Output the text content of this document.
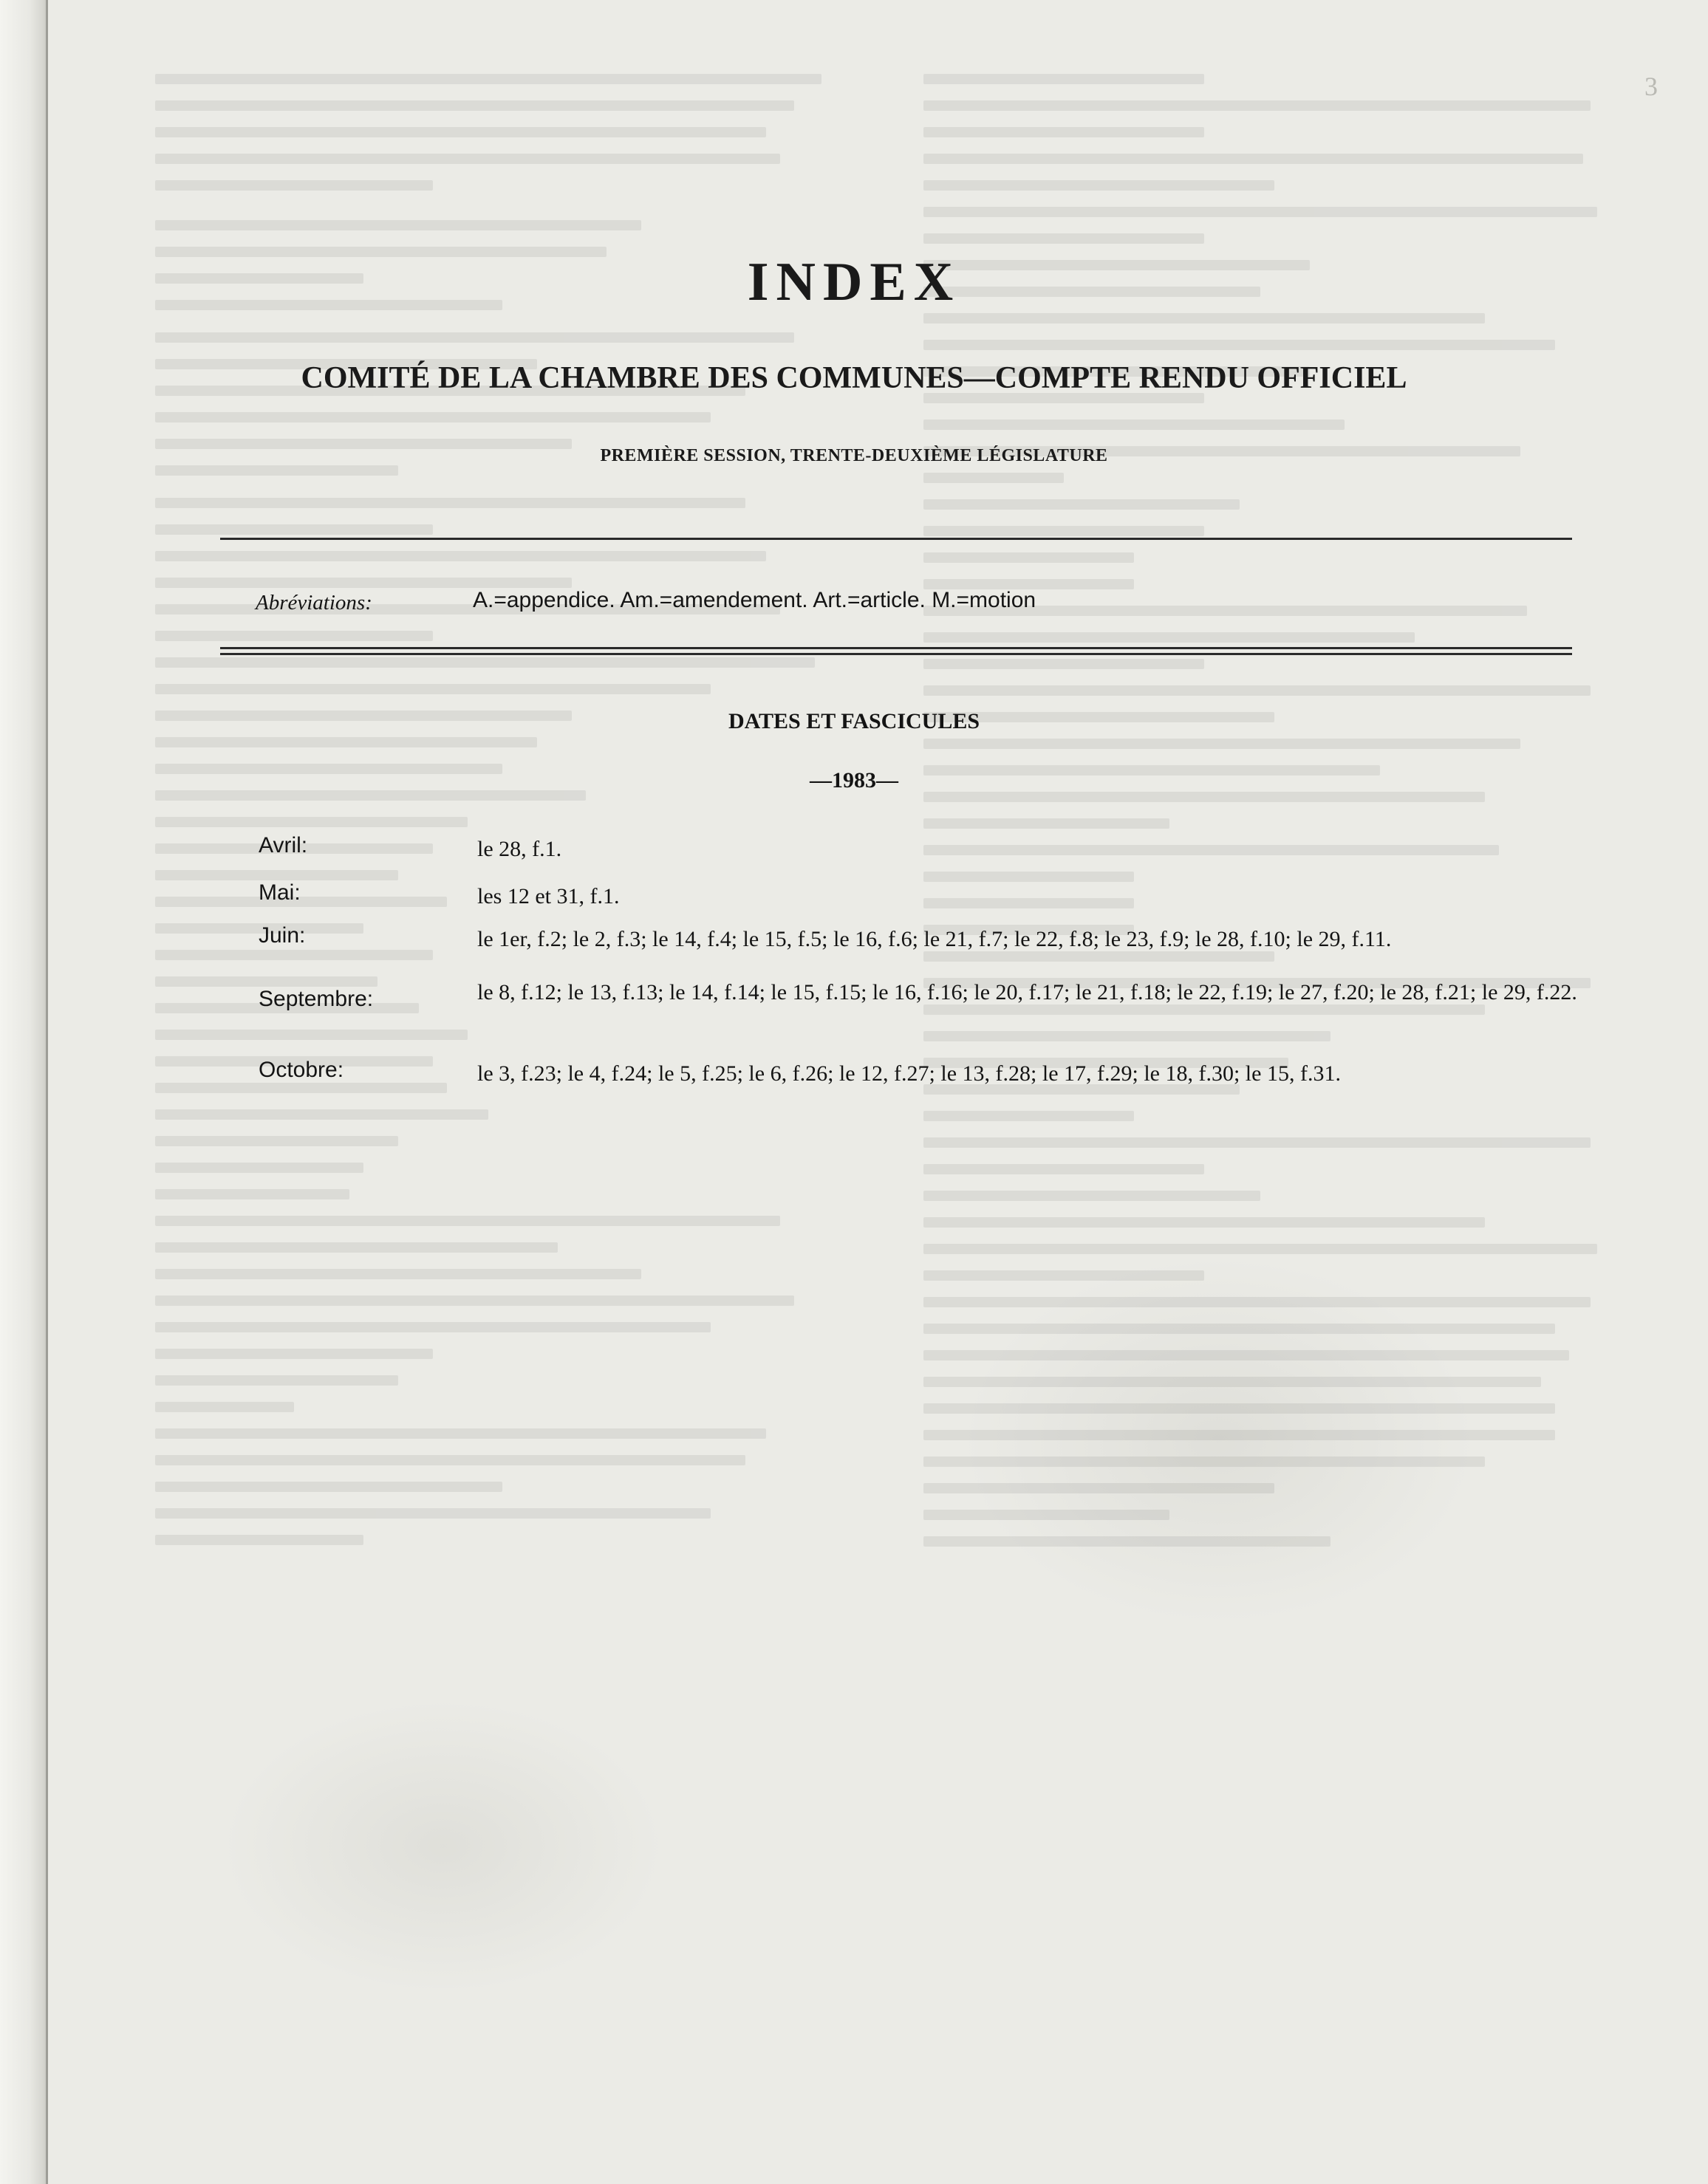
3
INDEX
COMITÉ DE LA CHAMBRE DES COMMUNES—COMPTE RENDU OFFICIEL
PREMIÈRE SESSION, TRENTE-DEUXIÈME LÉGISLATURE
Abréviations:	A.=appendice. Am.=amendement. Art.=article. M.=motion
DATES ET FASCICULES
—1983—
Avril:	le 28, f.1.
Mai:	les 12 et 31, f.1.
Juin:	le 1er, f.2; le 2, f.3; le 14, f.4; le 15, f.5; le 16, f.6; le 21, f.7; le 22, f.8; le 23, f.9; le 28, f.10; le 29, f.11.
Septembre:	le 8, f.12; le 13, f.13; le 14, f.14; le 15, f.15; le 16, f.16; le 20, f.17; le 21, f.18; le 22, f.19; le 27, f.20; le 28, f.21; le 29, f.22.
Octobre:	le 3, f.23; le 4, f.24; le 5, f.25; le 6, f.26; le 12, f.27; le 13, f.28; le 17, f.29; le 18, f.30; le 15, f.31.
